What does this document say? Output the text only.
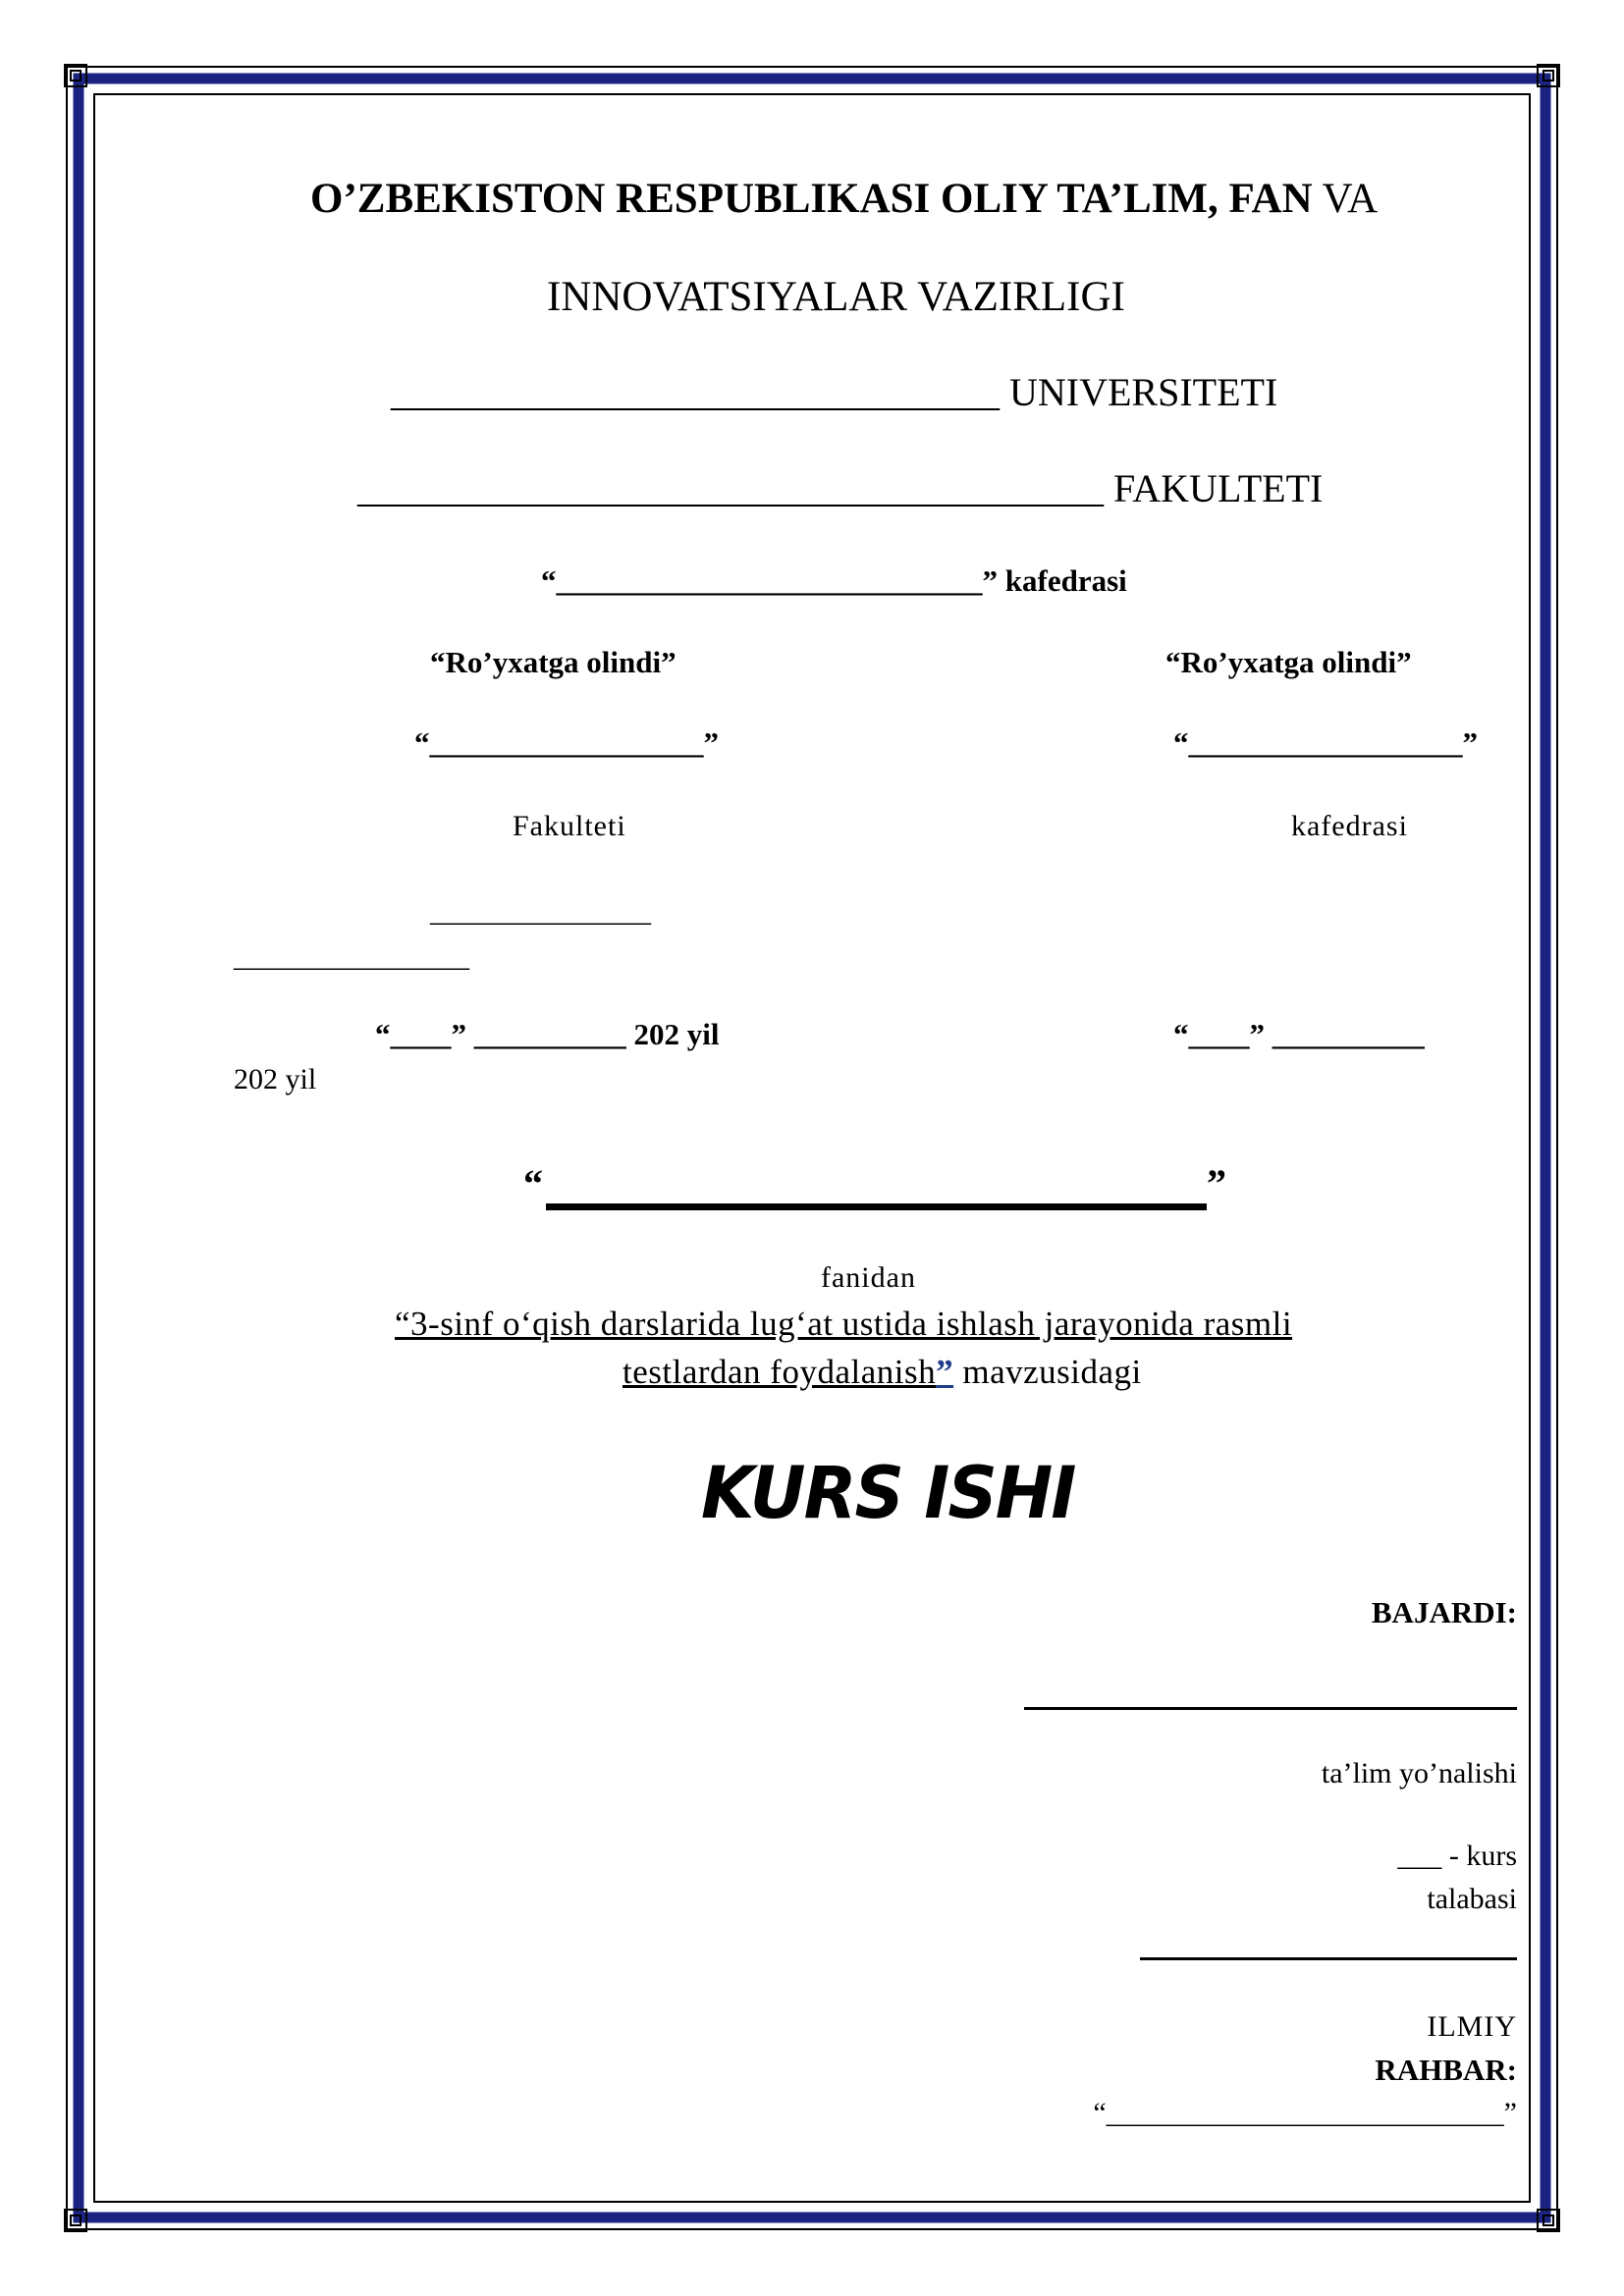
O’ZBEKISTON RESPUBLIKASI OLIY TA’LIM, FAN VA
INNOVATSIYALAR VAZIRLIGI
_______________________________ UNIVERSITETI
______________________________________ FAKULTETI
“____________________________” kafedrasi
“Ro’yxatga olindi”
“__________________”
Fakulteti
_______________
________________
“____” __________ 202 yil
“Ro’yxatga olindi”
“__________________”
kafedrasi
“____” __________
202 yil
“	”
fanidan
“3-sinf o‘qish darslarida lug‘at ustida ishlash jarayonida rasmli
testlardan foydalanish” mavzusidagi
KURS ISHI
BAJARDI:
ta’lim yo’nalishi
___ - kurs
talabasi
ILMIY
RAHBAR:
“___________________________”
